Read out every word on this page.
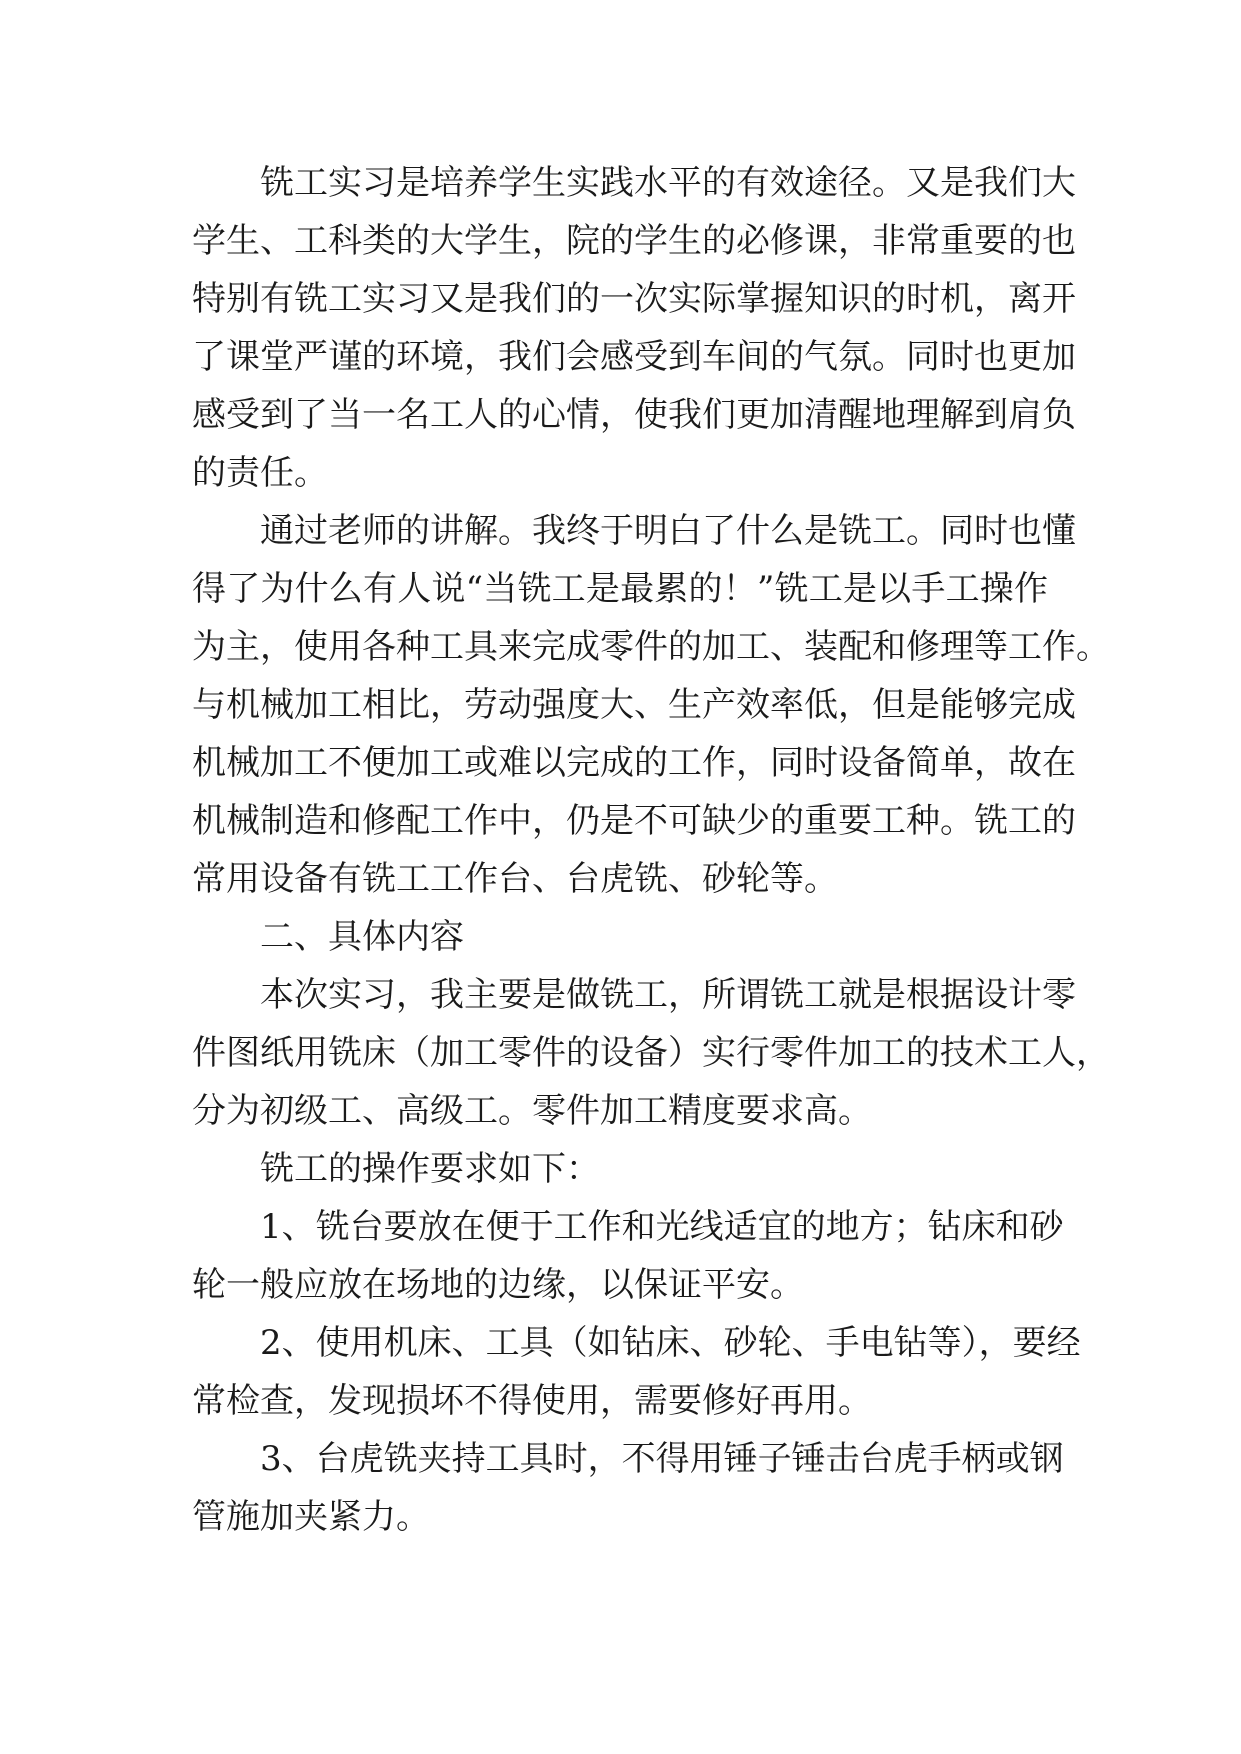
铣工实习是培养学生实践水平的有效途径。又是我们大
学生、工科类的大学生，院的学生的必修课，非常重要的也
特别有铣工实习又是我们的一次实际掌握知识的时机，离开
了课堂严谨的环境，我们会感受到车间的气氛。同时也更加
感受到了当一名工人的心情，使我们更加清醒地理解到肩负
的责任。
通过老师的讲解。我终于明白了什么是铣工。同时也懂
得了为什么有人说“当铣工是最累的！”铣工是以手工操作
为主，使用各种工具来完成零件的加工、装配和修理等工作。
与机械加工相比，劳动强度大、生产效率低，但是能够完成
机械加工不便加工或难以完成的工作，同时设备简单，故在
机械制造和修配工作中，仍是不可缺少的重要工种。铣工的
常用设备有铣工工作台、台虎铣、砂轮等。
二、具体内容
本次实习，我主要是做铣工，所谓铣工就是根据设计零
件图纸用铣床（加工零件的设备）实行零件加工的技术工人，
分为初级工、高级工。零件加工精度要求高。
铣工的操作要求如下：
1、铣台要放在便于工作和光线适宜的地方；钻床和砂
轮一般应放在场地的边缘，以保证平安。
2、使用机床、工具（如钻床、砂轮、手电钻等），要经
常检查，发现损坏不得使用，需要修好再用。
3、台虎铣夹持工具时，不得用锤子锤击台虎手柄或钢
管施加夹紧力。
